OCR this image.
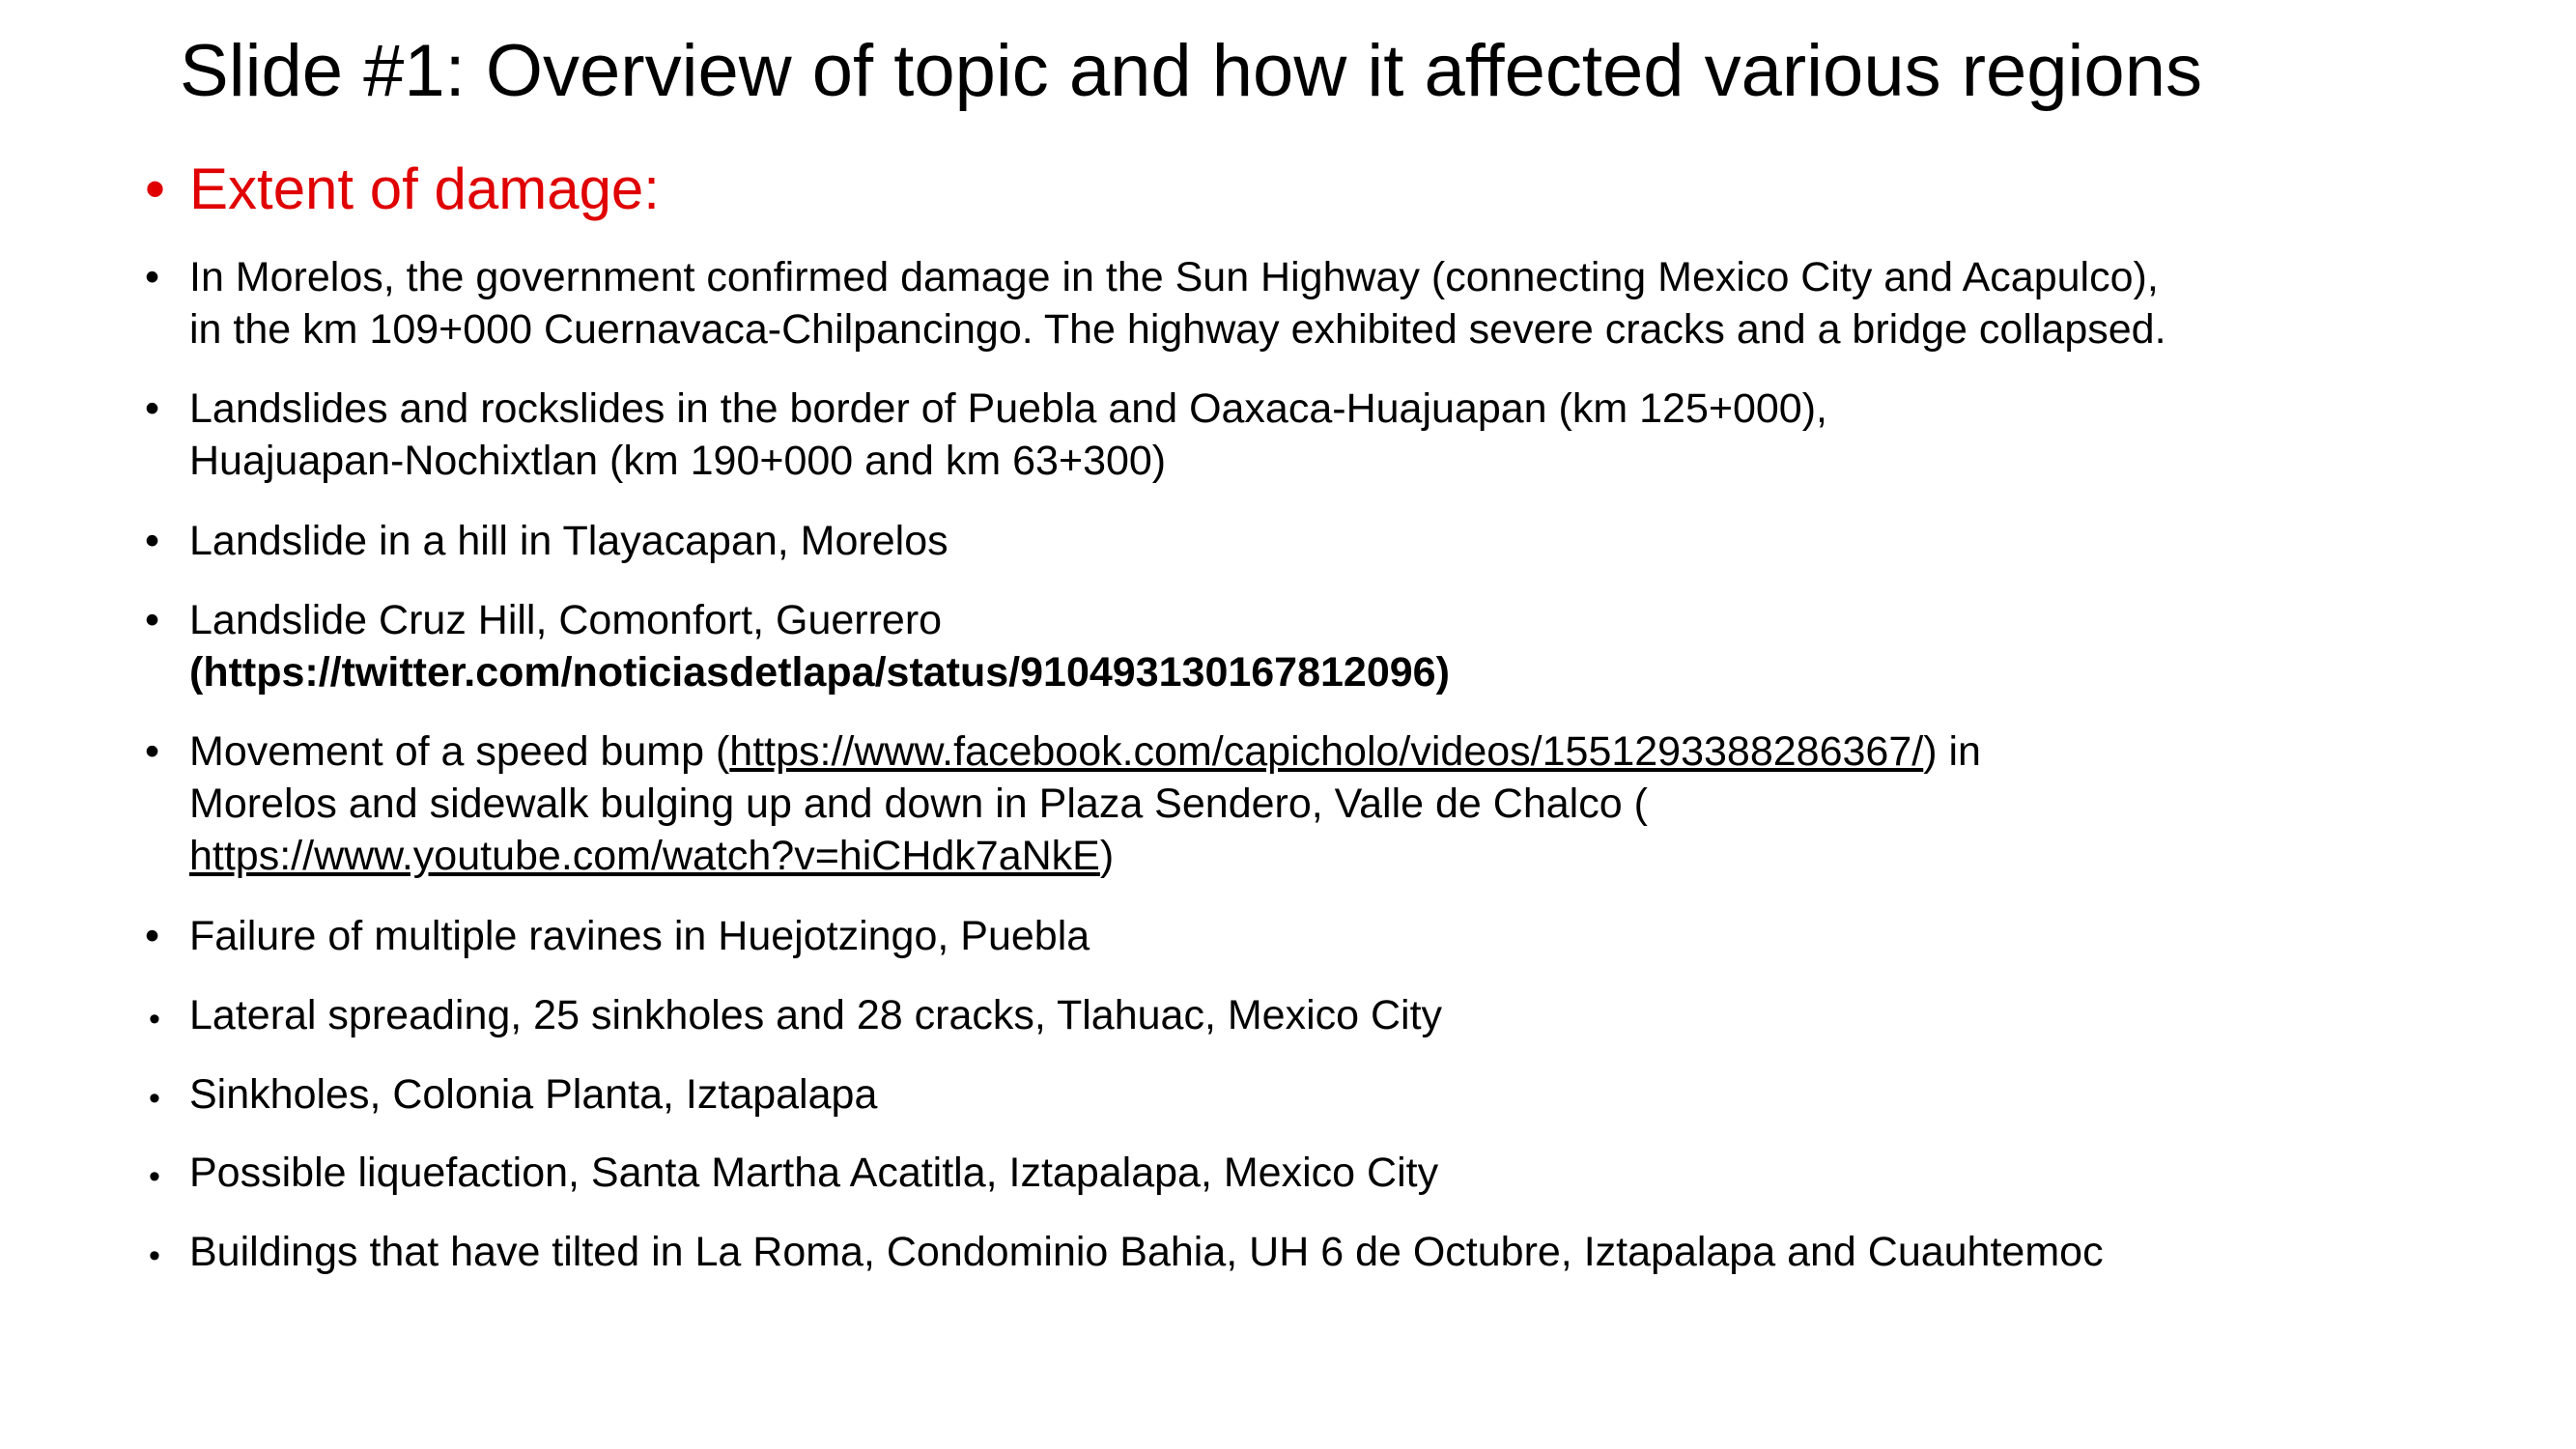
Slide #1: Overview of topic and how it affected various regions
• Extent of damage:
• In Morelos, the government confirmed damage in the Sun Highway (connecting Mexico City and Acapulco),
in the km 109+000 Cuernavaca-Chilpancingo. The highway exhibited severe cracks and a bridge collapsed.
• Landslides and rockslides in the border of Puebla and Oaxaca-Huajuapan (km 125+000),
Huajuapan-Nochixtlan (km 190+000 and km 63+300)
• Landslide in a hill in Tlayacapan, Morelos
• Landslide Cruz Hill, Comonfort, Guerrero
(https://twitter.com/noticiasdetlapa/status/910493130167812096)
• Movement of a speed bump (https://www.facebook.com/capicholo/videos/1551293388286367/) in
Morelos and sidewalk bulging up and down in Plaza Sendero, Valle de Chalco (
https://www.youtube.com/watch?v=hiCHdk7aNkE)
• Failure of multiple ravines in Huejotzingo, Puebla
• Lateral spreading, 25 sinkholes and 28 cracks, Tlahuac, Mexico City
• Sinkholes, Colonia Planta, Iztapalapa
• Possible liquefaction, Santa Martha Acatitla, Iztapalapa, Mexico City
• Buildings that have tilted in La Roma, Condominio Bahia, UH 6 de Octubre, Iztapalapa and Cuauhtemoc
